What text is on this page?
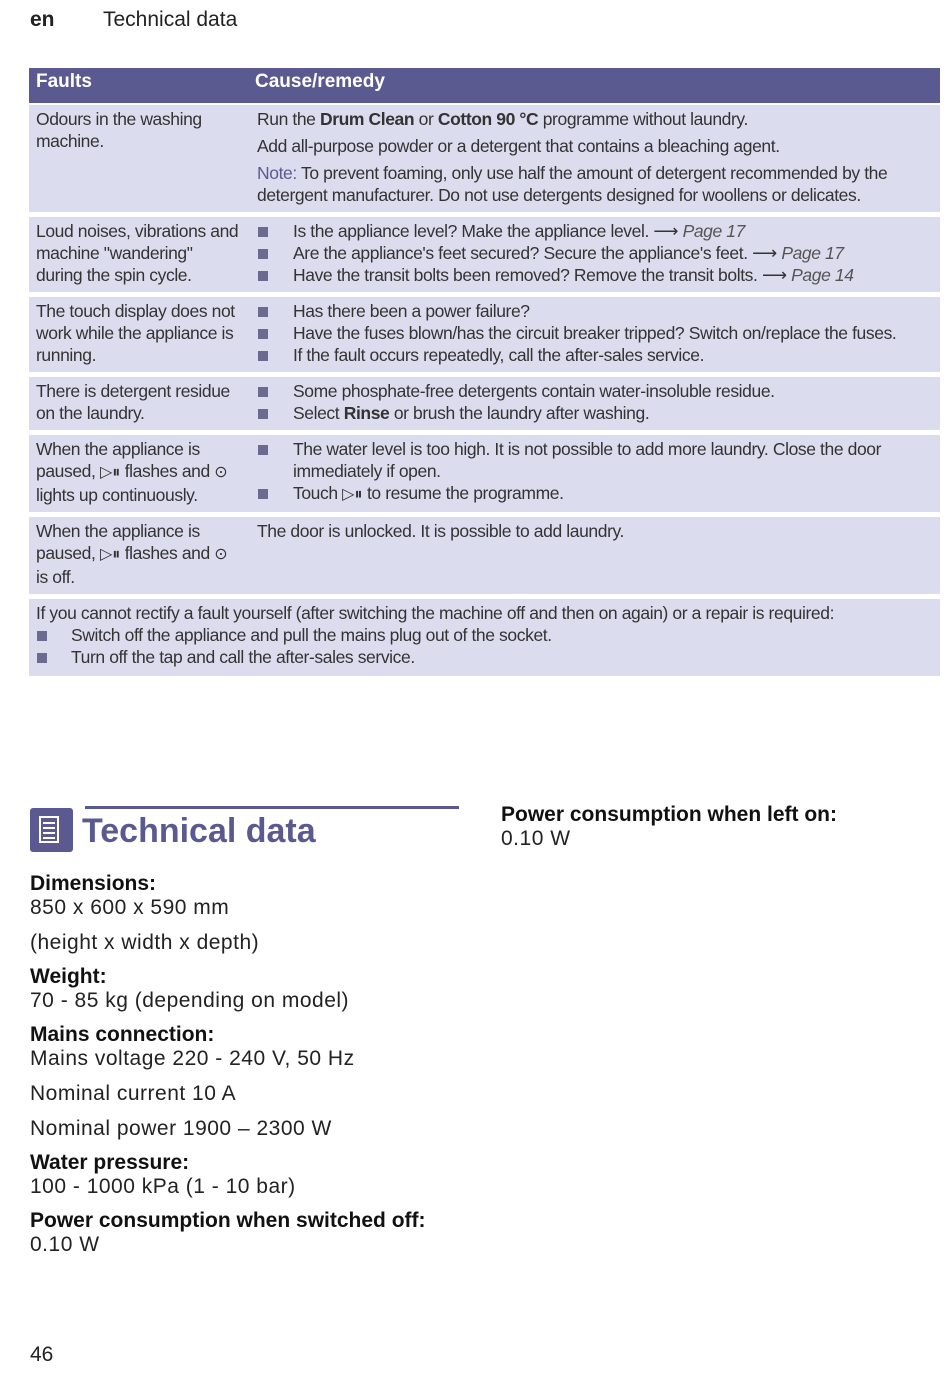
en Technical data
Faults	Cause/remedy
Odours in the washing machine.

Run the Drum Clean or Cotton 90 °C programme without laundry.

Add all-purpose powder or a detergent that contains a bleaching agent.

Note: To prevent foaming, only use half the amount of detergent recommended by the detergent manufacturer. Do not use detergents designed for woollens or delicates.

Loud noises, vibrations and machine "wandering" during the spin cycle.
Is the appliance level? Make the appliance level. ⟶ Page 17
Are the appliance's feet secured? Secure the appliance's feet. ⟶ Page 17
Have the transit bolts been removed? Remove the transit bolts. ⟶ Page 14
The touch display does not work while the appliance is running.
Has there been a power failure?
Have the fuses blown/has the circuit breaker tripped? Switch on/replace the fuses.
If the fault occurs repeatedly, call the after-sales service.
There is detergent residue on the laundry.
Some phosphate-free detergents contain water-insoluble residue.
Select Rinse or brush the laundry after washing.
When the appliance is paused, ▷⏸ flashes and ⊙ lights up continuously.
The water level is too high. It is not possible to add more laundry. Close the door immediately if open.
Touch ▷⏸ to resume the programme.
When the appliance is paused, ▷⏸ flashes and ⊙ is off.
The door is unlocked. It is possible to add laundry.
If you cannot rectify a fault yourself (after switching the machine off and then on again) or a repair is required:
Switch off the appliance and pull the mains plug out of the socket.
Turn off the tap and call the after-sales service.
Technical data
Dimensions:
850 x 600 x 590 mm
(height x width x depth)
Weight:
70 - 85 kg (depending on model)
Mains connection:
Mains voltage 220 - 240 V, 50 Hz
Nominal current 10 A
Nominal power 1900 – 2300 W
Water pressure:
100 - 1000 kPa (1 - 10 bar)
Power consumption when switched off:
0.10 W
Power consumption when left on:
0.10 W
46
